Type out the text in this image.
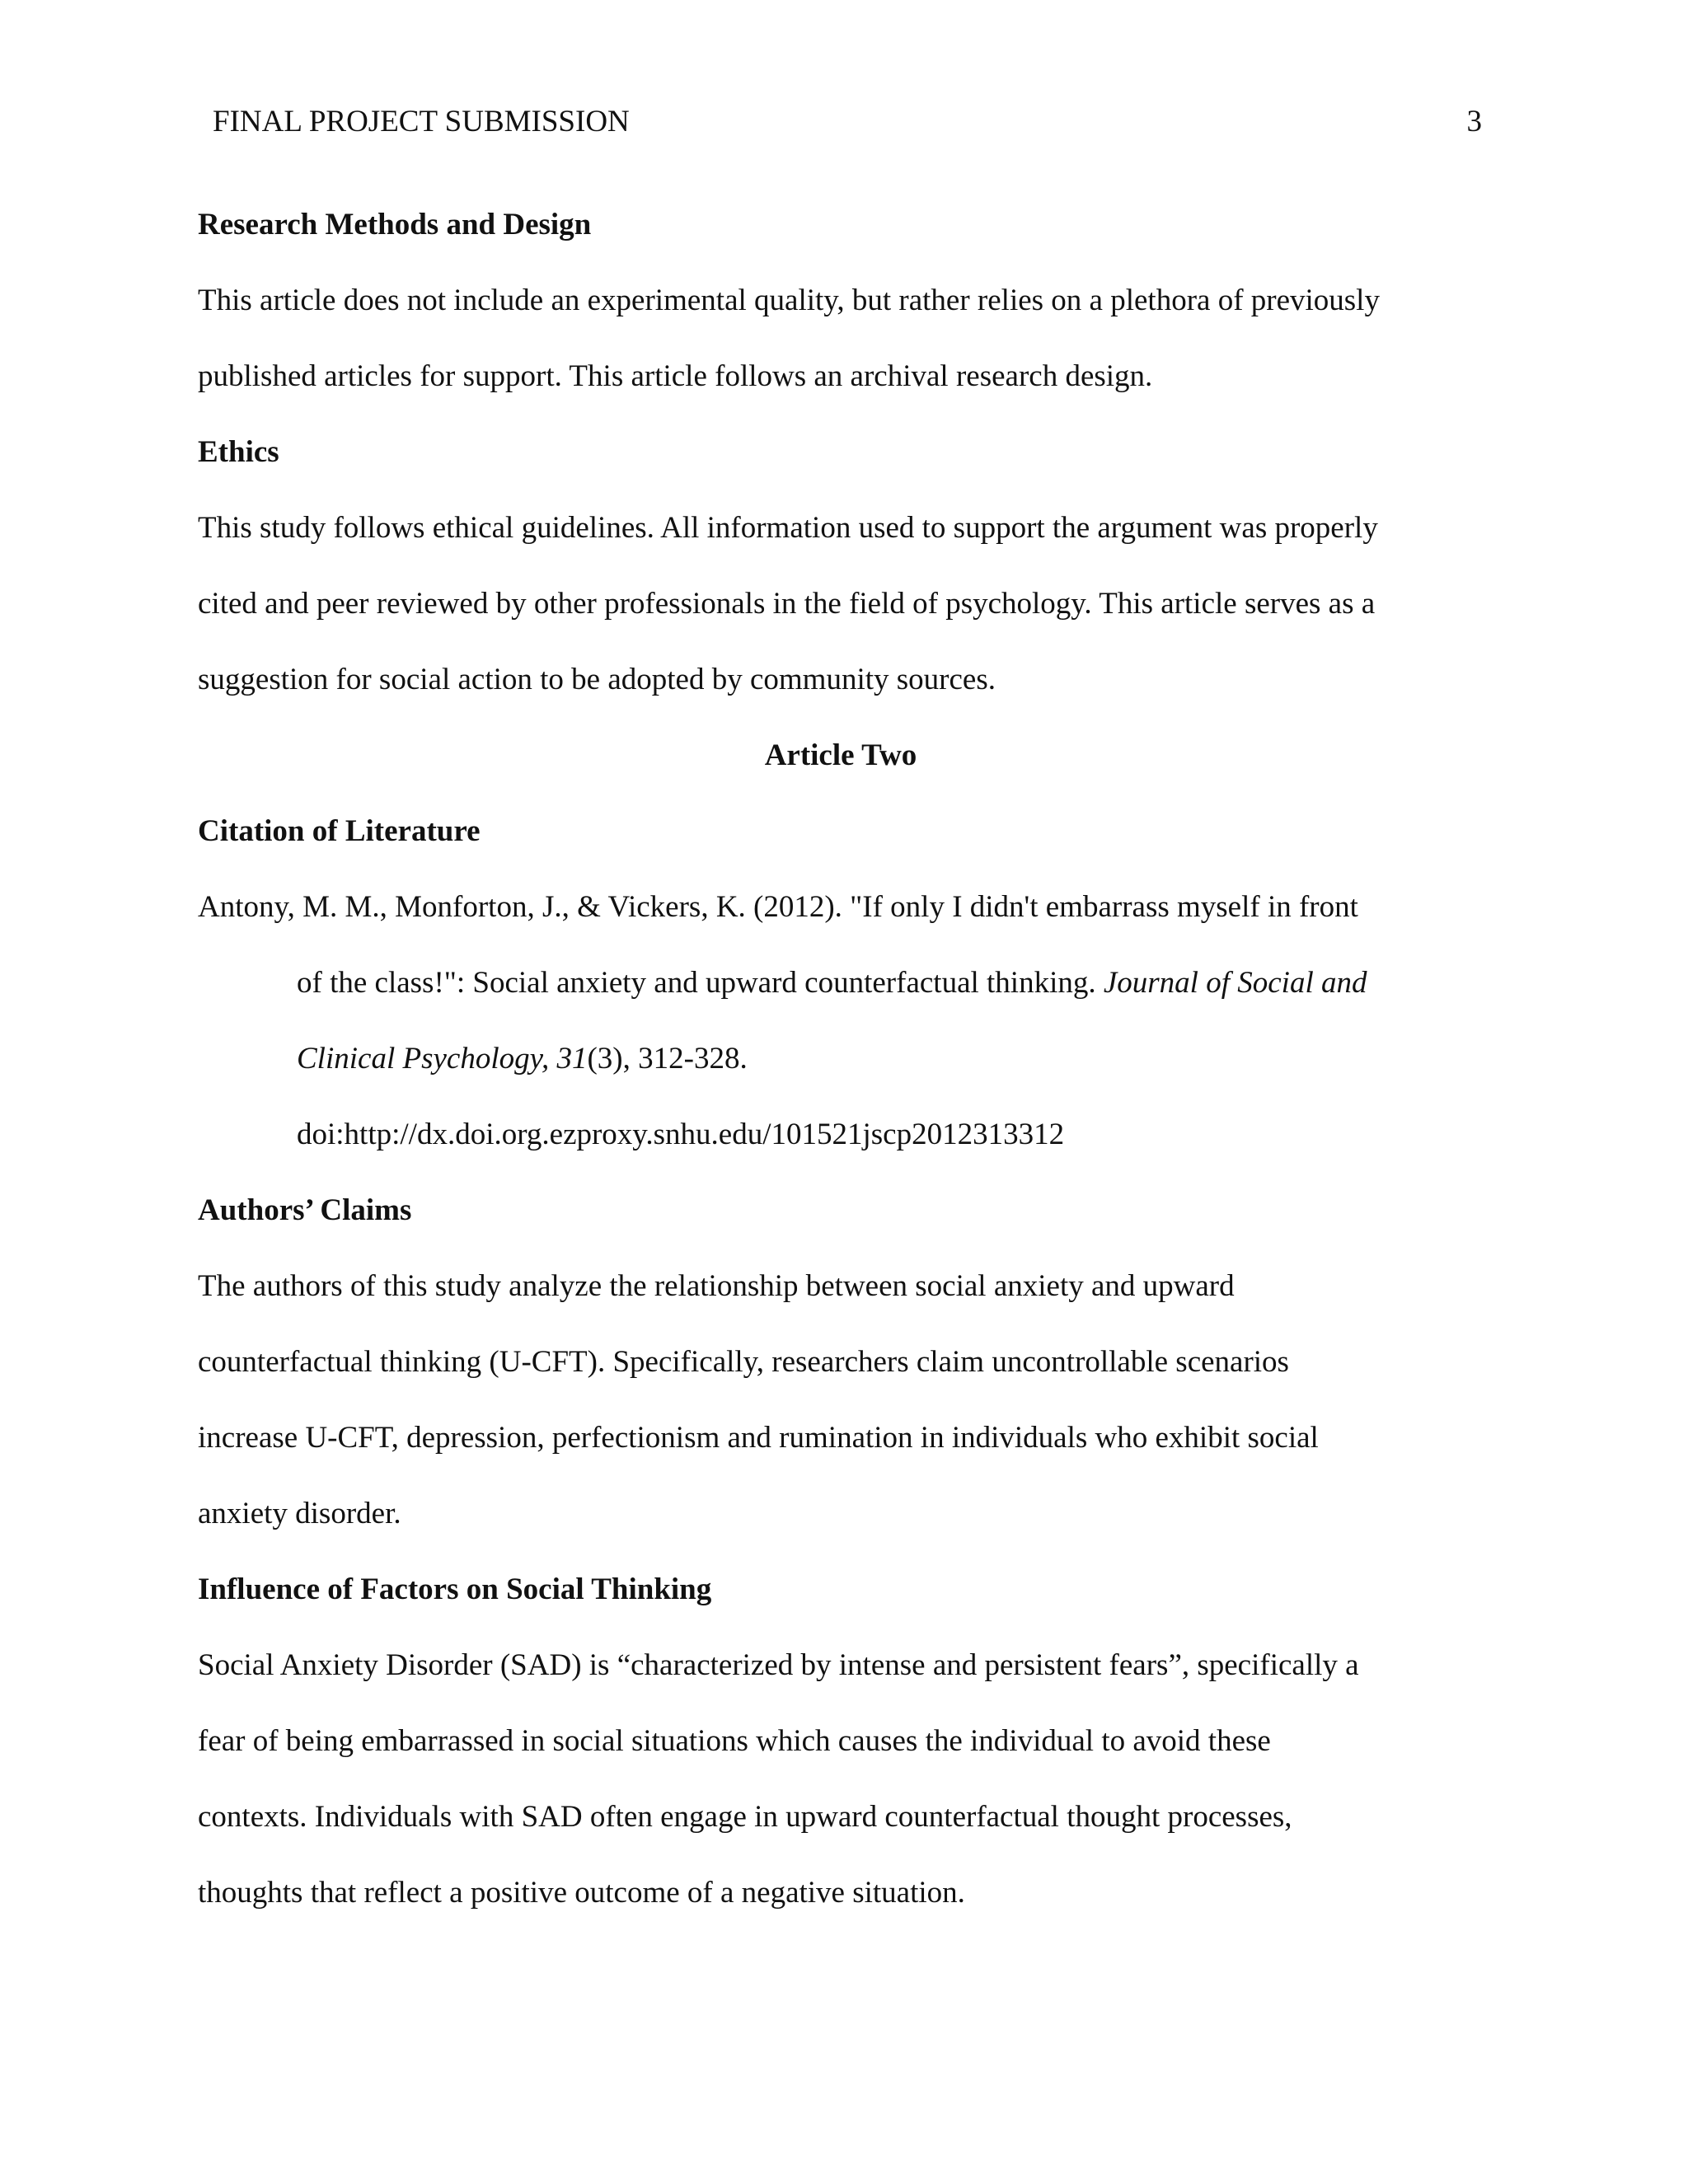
FINAL PROJECT SUBMISSION	3
Research Methods and Design
This article does not include an experimental quality, but rather relies on a plethora of previously
published articles for support. This article follows an archival research design.
Ethics
This study follows ethical guidelines. All information used to support the argument was properly
cited and peer reviewed by other professionals in the field of psychology. This article serves as a
suggestion for social action to be adopted by community sources.
Article Two
Citation of Literature
Antony, M. M., Monforton, J., & Vickers, K. (2012). "If only I didn't embarrass myself in front
of the class!": Social anxiety and upward counterfactual thinking. Journal of Social and
Clinical Psychology, 31(3), 312-328.
doi:http://dx.doi.org.ezproxy.snhu.edu/101521jscp2012313312
Authors’ Claims
The authors of this study analyze the relationship between social anxiety and upward
counterfactual thinking (U-CFT). Specifically, researchers claim uncontrollable scenarios
increase U-CFT, depression, perfectionism and rumination in individuals who exhibit social
anxiety disorder.
Influence of Factors on Social Thinking
Social Anxiety Disorder (SAD) is “characterized by intense and persistent fears”, specifically a
fear of being embarrassed in social situations which causes the individual to avoid these
contexts. Individuals with SAD often engage in upward counterfactual thought processes,
thoughts that reflect a positive outcome of a negative situation.
